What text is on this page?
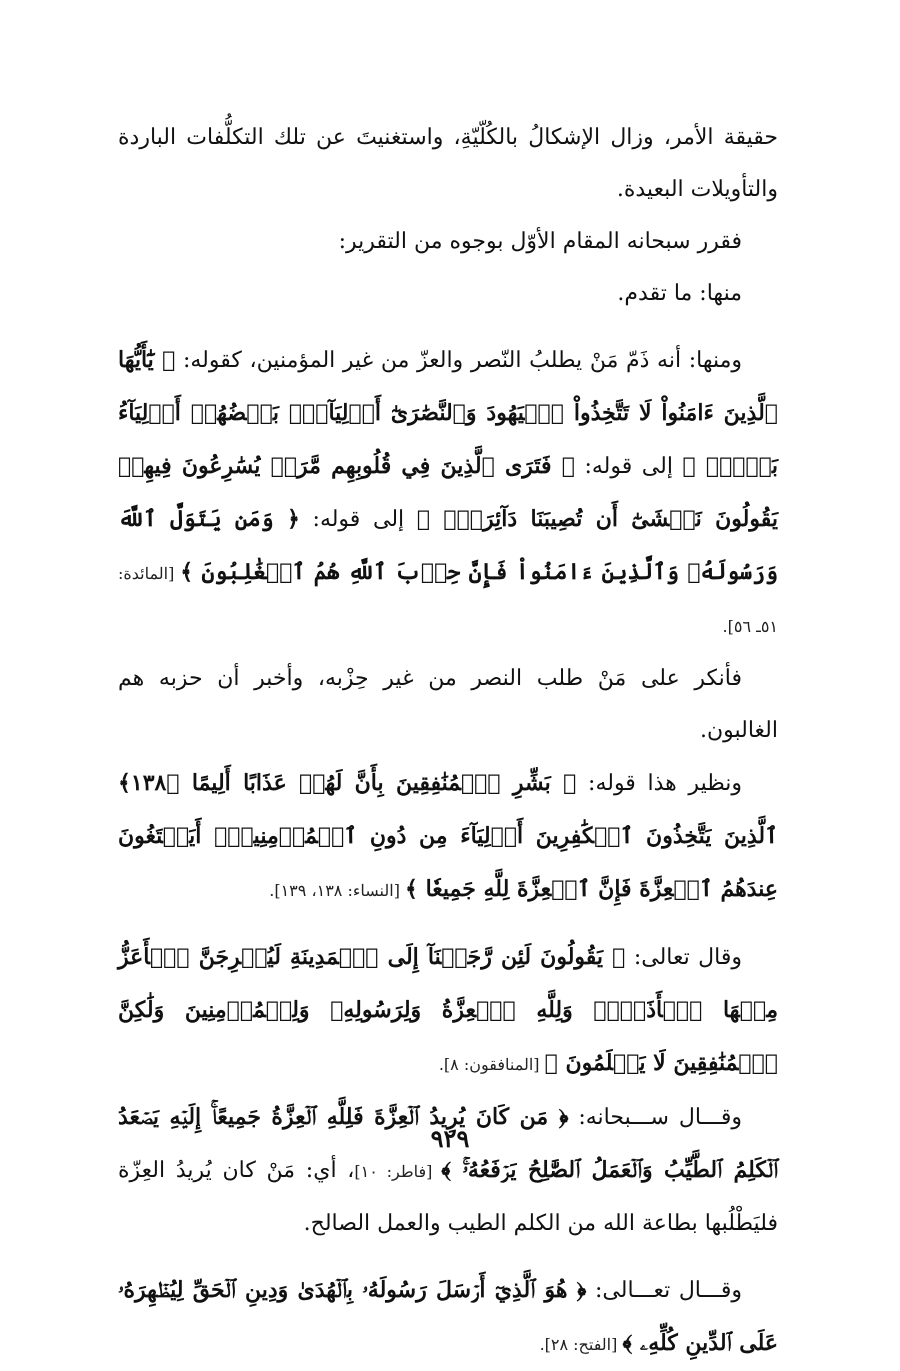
حقيقة الأمر، وزال الإشكالُ بالكُلّيّةِ، واستغنيتَ عن تلك التكلُّفات الباردة والتأويلات البعيدة.

فقرر سبحانه المقام الأوّل بوجوه من التقرير:

منها: ما تقدم.

ومنها: أنه ذَمّ مَنْ يطلبُ النّصر والعزّ من غير المؤمنين، كقوله: ﴿ يَٰٓأَيُّهَا ٱلَّذِينَ ءَامَنُواْ لَا تَتَّخِذُواْ ٱلۡيَهُودَ وَٱلنَّصَٰرَىٰٓ أَوۡلِيَآءَۘ بَعۡضُهُمۡ أَوۡلِيَآءُ بَعۡضٖۚ ﴾ إلى قوله: ﴿ فَتَرَى ٱلَّذِينَ فِي قُلُوبِهِم مَّرَضٞ يُسَٰرِعُونَ فِيهِمۡ يَقُولُونَ نَخۡشَىٰٓ أَن تُصِيبَنَا دَآئِرَةٞۚ ﴾ إلى قوله: ﴿ وَمَن يَتَوَلَّ ٱللَّهَ وَرَسُولَهُۥ وَٱلَّذِينَ ءَامَنُواْ فَإِنَّ حِزۡبَ ٱللَّهِ هُمُ ٱلۡغَٰلِبُونَ ﴾ [المائدة: ٥١ـ ٥٦].

فأنكر على مَنْ طلب النصر من غير حِزْبه، وأخبر أن حزبه هم الغالبون.

ونظير هذا قوله: ﴿ بَشِّرِ ٱلۡمُنَٰفِقِينَ بِأَنَّ لَهُمۡ عَذَابًا أَلِيمًا ﴿١٣٨﴾ ٱلَّذِينَ يَتَّخِذُونَ ٱلۡكَٰفِرِينَ أَوۡلِيَآءَ مِن دُونِ ٱلۡمُؤۡمِنِينَۚ أَيَبۡتَغُونَ عِندَهُمُ ٱلۡعِزَّةَ فَإِنَّ ٱلۡعِزَّةَ لِلَّهِ جَمِيعٗا ﴾ [النساء: ١٣٨، ١٣٩].

وقال تعالى: ﴿ يَقُولُونَ لَئِن رَّجَعۡنَآ إِلَى ٱلۡمَدِينَةِ لَيُخۡرِجَنَّ ٱلۡأَعَزُّ مِنۡهَا ٱلۡأَذَلَّۚ وَلِلَّهِ ٱلۡعِزَّةُ وَلِرَسُولِهِۦ وَلِلۡمُؤۡمِنِينَ وَلَٰكِنَّ ٱلۡمُنَٰفِقِينَ لَا يَعۡلَمُونَ ﴾ [المنافقون: ٨].

وقـــال ســـبحانه: ﴿ مَن كَانَ يُرِيدُ ٱلۡعِزَّةَ فَلِلَّهِ ٱلۡعِزَّةُ جَمِيعًاۚ إِلَيۡهِ يَصۡعَدُ ٱلۡكَلِمُ ٱلطَّيِّبُ وَٱلۡعَمَلُ ٱلصَّٰلِحُ يَرۡفَعُهُۥۚ ﴾ [فاطر: ١٠]، أي: مَنْ كان يُريدُ العِزّة فليَطْلُبها بطاعة الله من الكلم الطيب والعمل الصالح.

وقـــال تعـــالى: ﴿ هُوَ ٱلَّذِيٓ أَرۡسَلَ رَسُولَهُۥ بِٱلۡهُدَىٰ وَدِينِ ٱلۡحَقِّ لِيُظۡهِرَهُۥ عَلَى ٱلدِّينِ كُلِّهِۦ ﴾ [الفتح: ٢٨].

٩٢٩
